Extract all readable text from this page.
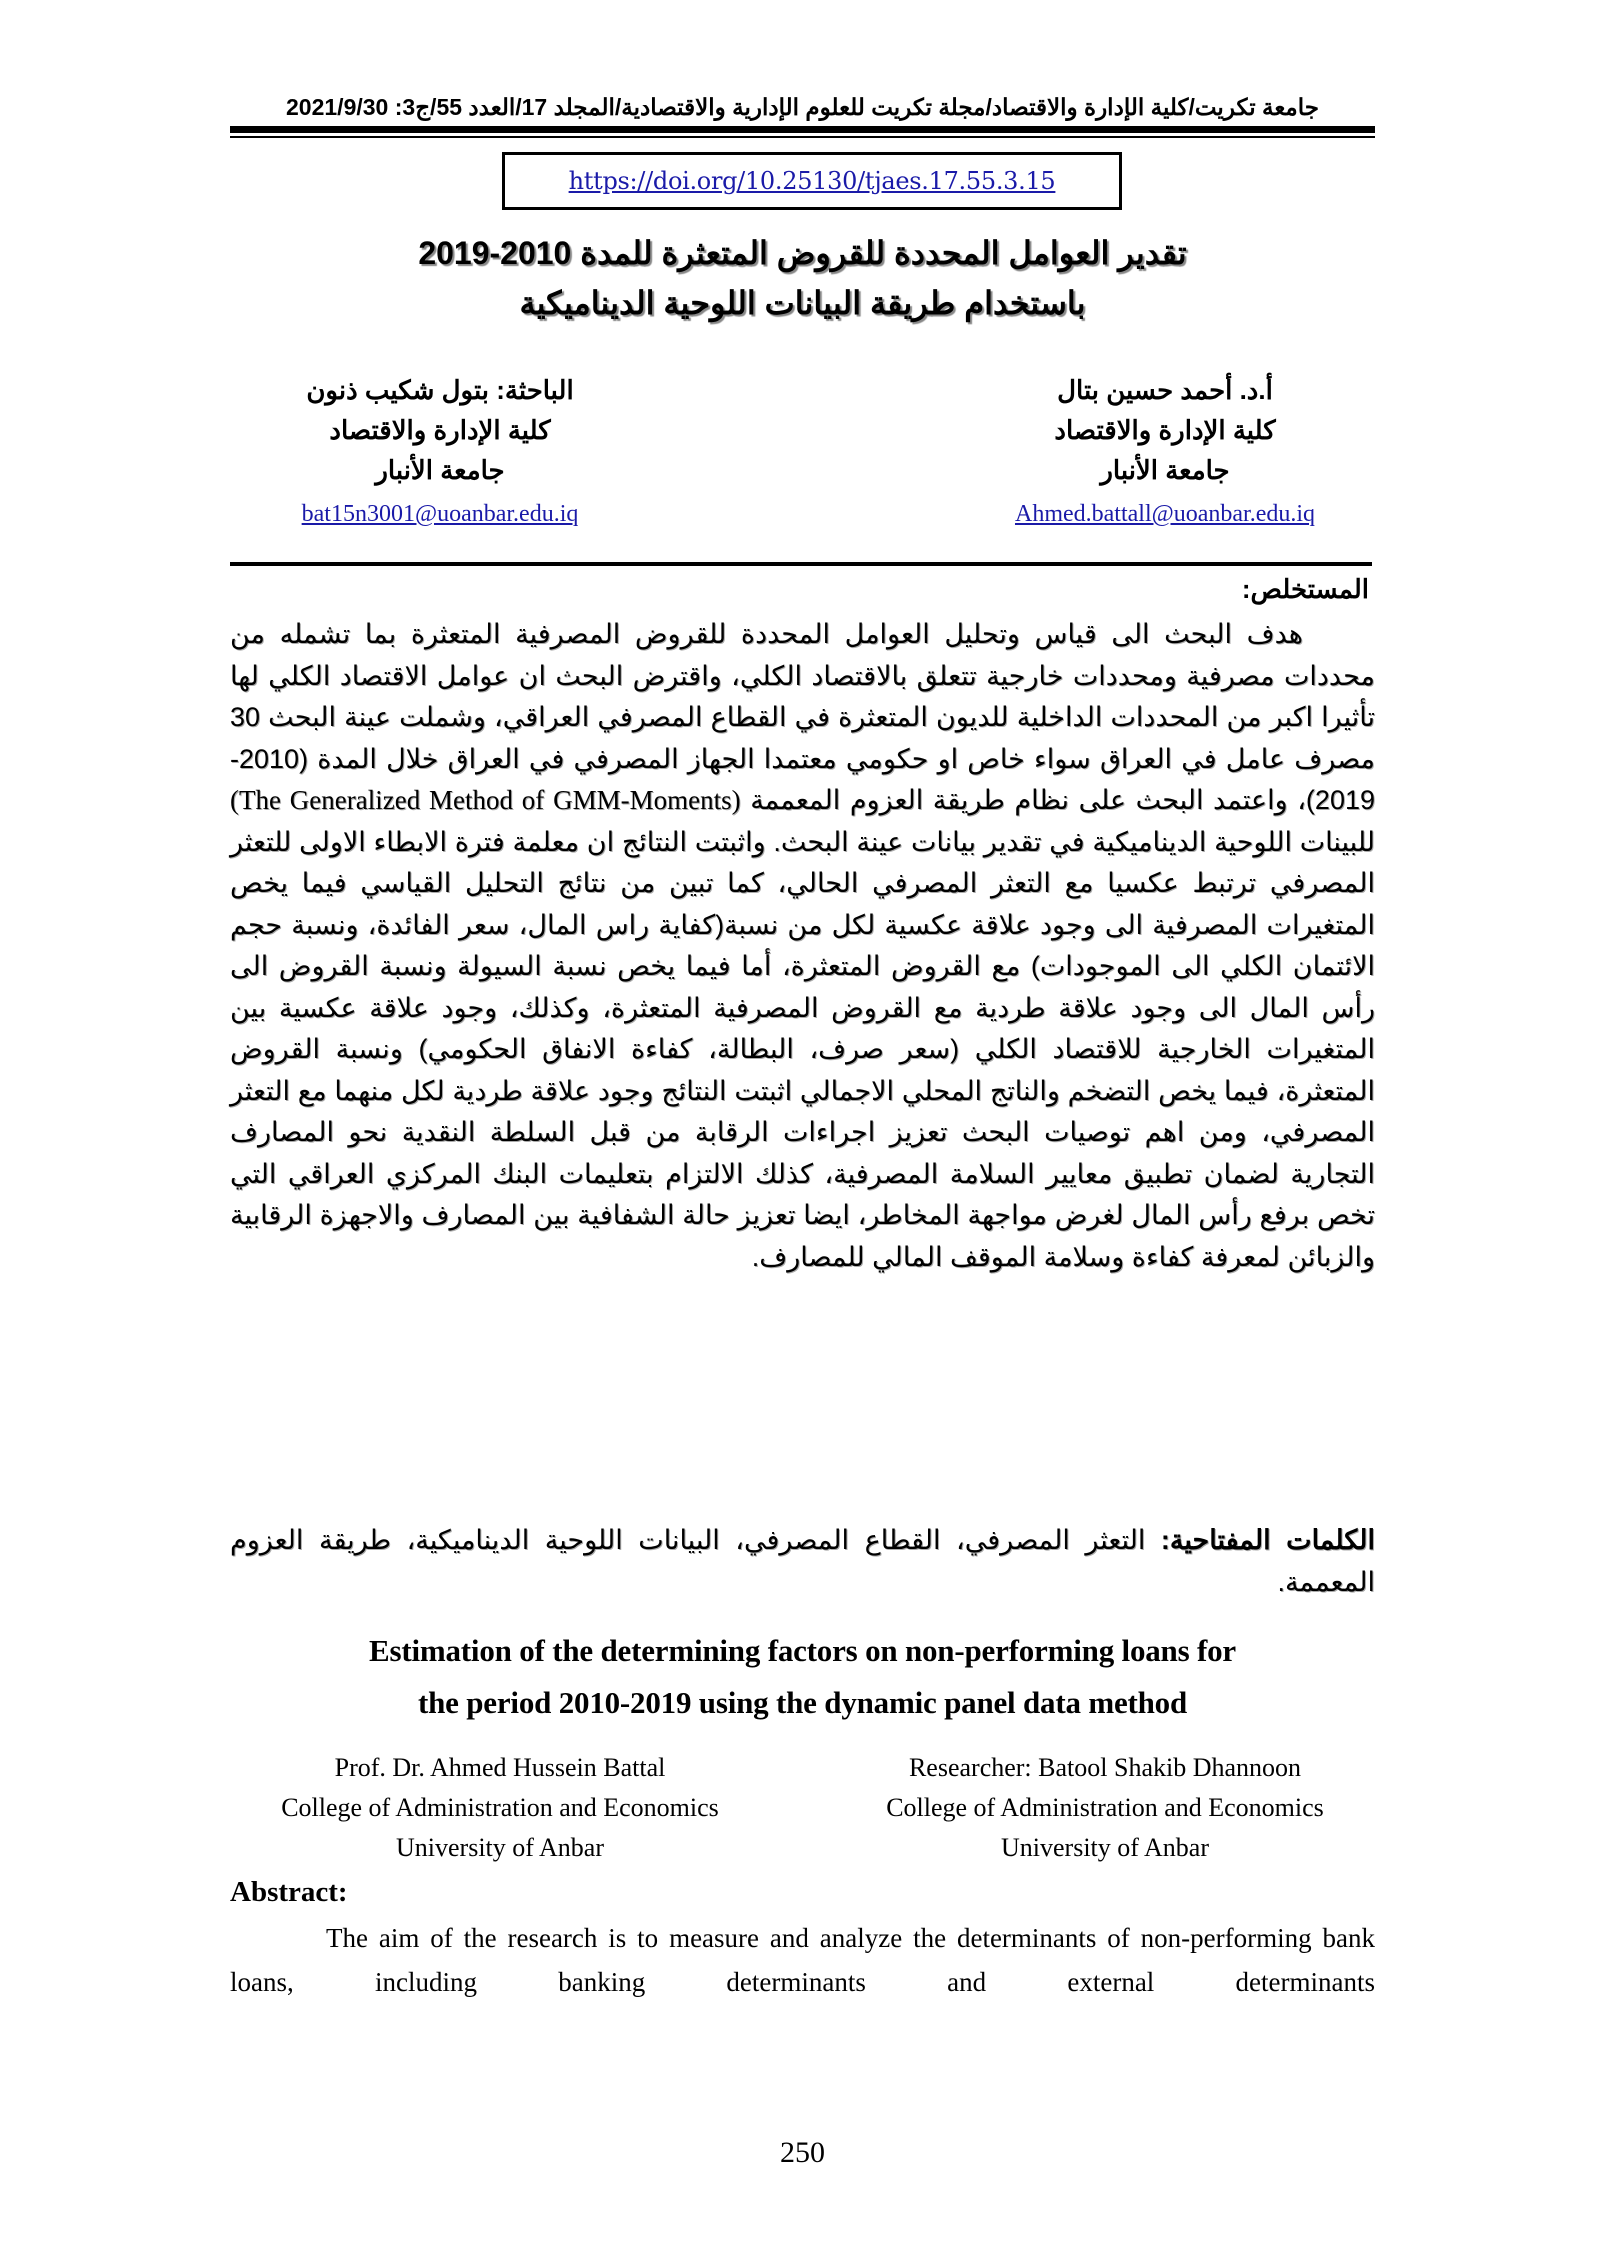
جامعة تكريت/كلية الإدارة والاقتصاد/مجلة تكريت للعلوم الإدارية والاقتصادية/المجلد 17/العدد 55/ج3: 2021/9/30
https://doi.org/10.25130/tjaes.17.55.3.15
تقدير العوامل المحددة للقروض المتعثرة للمدة 2010-2019
باستخدام طريقة البيانات اللوحية الديناميكية
أ.د. أحمد حسين بتال
كلية الإدارة والاقتصاد
جامعة الأنبار
Ahmed.battall@uoanbar.edu.iq
الباحثة: بتول شكيب ذنون
كلية الإدارة والاقتصاد
جامعة الأنبار
bat15n3001@uoanbar.edu.iq
المستخلص:
هدف البحث الى قياس وتحليل العوامل المحددة للقروض المصرفية المتعثرة بما تشمله من محددات مصرفية ومحددات خارجية تتعلق بالاقتصاد الكلي، واقترض البحث ان عوامل الاقتصاد الكلي لها تأثيرا اكبر من المحددات الداخلية للديون المتعثرة في القطاع المصرفي العراقي، وشملت عينة البحث 30 مصرف عامل في العراق سواء خاص او حكومي معتمدا الجهاز المصرفي في العراق خلال المدة (2010-2019)، واعتمد البحث على نظام طريقة العزوم المعممة (The Generalized Method of GMM-Moments) للبينات اللوحية الديناميكية في تقدير بيانات عينة البحث. واثبتت النتائج ان معلمة فترة الابطاء الاولى للتعثر المصرفي ترتبط عكسيا مع التعثر المصرفي الحالي، كما تبين من نتائج التحليل القياسي فيما يخص المتغيرات المصرفية الى وجود علاقة عكسية لكل من نسبة(كفاية راس المال، سعر الفائدة، ونسبة حجم الائتمان الكلي الى الموجودات) مع القروض المتعثرة، أما فيما يخص نسبة السيولة ونسبة القروض الى رأس المال الى وجود علاقة طردية مع القروض المصرفية المتعثرة، وكذلك، وجود علاقة عكسية بين المتغيرات الخارجية للاقتصاد الكلي (سعر صرف، البطالة، كفاءة الانفاق الحكومي) ونسبة القروض المتعثرة، فيما يخص التضخم والناتج المحلي الاجمالي اثبتت النتائج وجود علاقة طردية لكل منهما مع التعثر المصرفي، ومن اهم توصيات البحث تعزيز اجراءات الرقابة من قبل السلطة النقدية نحو المصارف التجارية لضمان تطبيق معايير السلامة المصرفية، كذلك الالتزام بتعليمات البنك المركزي العراقي التي تخص برفع رأس المال لغرض مواجهة المخاطر، ايضا تعزيز حالة الشفافية بين المصارف والاجهزة الرقابية والزبائن لمعرفة كفاءة وسلامة الموقف المالي للمصارف.
الكلمات المفتاحية: التعثر المصرفي، القطاع المصرفي، البيانات اللوحية الديناميكية، طريقة العزوم المعممة.
Estimation of the determining factors on non-performing loans for
the period 2010-2019 using the dynamic panel data method
Prof. Dr. Ahmed Hussein Battal
College of Administration and Economics
University of Anbar
Researcher: Batool Shakib Dhannoon
College of Administration and Economics
University of Anbar
Abstract:
The aim of the research is to measure and analyze the determinants of non-performing bank loans, including banking determinants and external determinants
250
